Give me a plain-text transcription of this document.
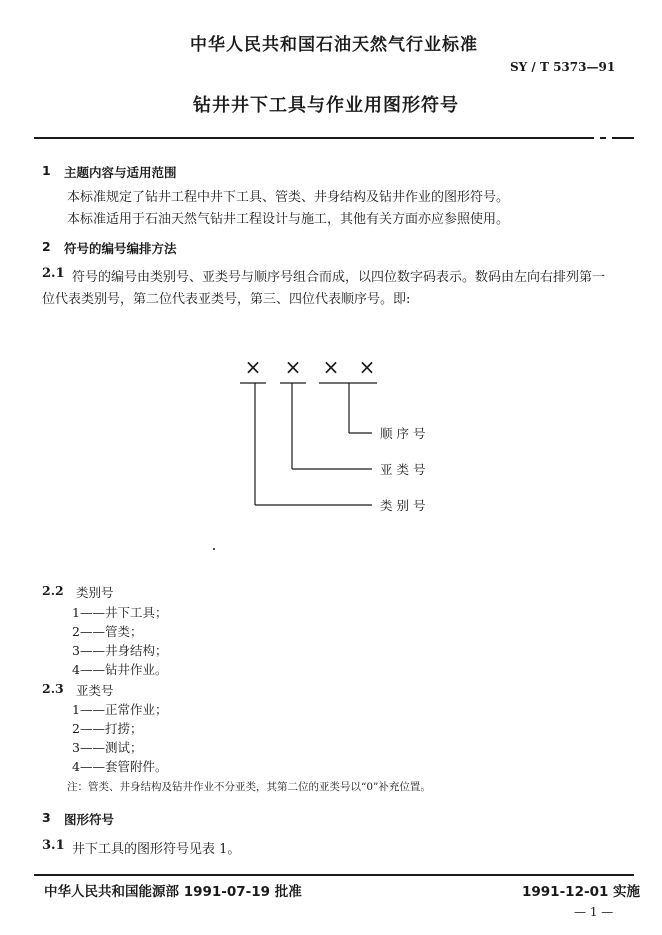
中华人民共和国石油天然气行业标准
SY / T 5373—91
钻井井下工具与作业用图形符号
1 主题内容与适用范围
本标准规定了钻井工程中井下工具、管类、井身结构及钻井作业的图形符号。
本标准适用于石油天然气钻井工程设计与施工，其他有关方面亦应参照使用。
2 符号的编号编排方法
2.1 符号的编号由类别号、亚类号与顺序号组合而成，以四位数字码表示。数码由左向右排列第一
位代表类别号，第二位代表亚类号，第三、四位代表顺序号。即:
× × × ×
顺 序 号
亚 类 号
类 别 号
2.2 类别号
1——井下工具；
2——管类；
3——井身结构；
4——钻井作业。
2.3 亚类号
1——正常作业；
2——打捞；
3——测试；
4——套管附件。
注：管类、井身结构及钻井作业不分亚类，其第二位的亚类号以“0”补充位置。
3 图形符号
3.1 井下工具的图形符号见表 1。
中华人民共和国能源部 1991-07-19 批准	1991-12-01 实施
— 1 —
